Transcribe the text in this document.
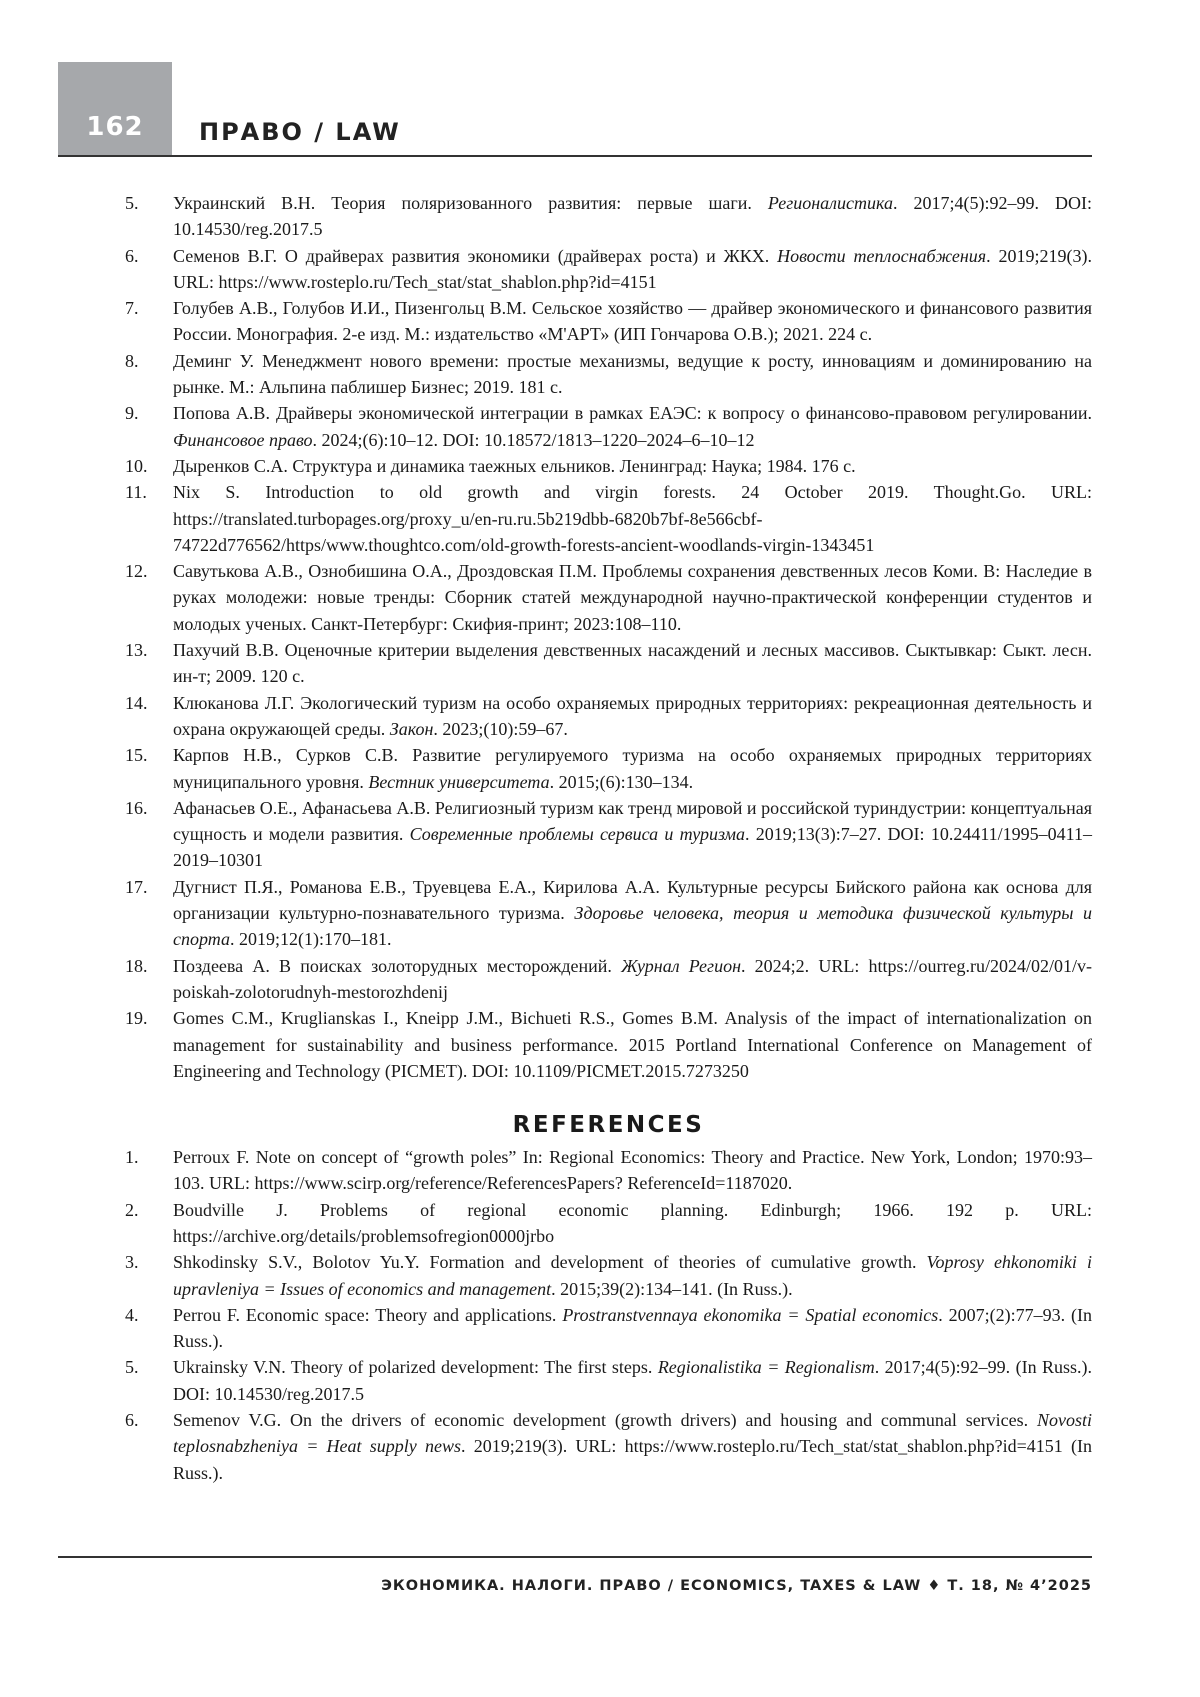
162	ПРАВО / LAW
5.	Украинский В.Н. Теория поляризованного развития: первые шаги. Регионалистика. 2017;4(5):92–99. DOI: 10.14530/reg.2017.5
6.	Семенов В.Г. О драйверах развития экономики (драйверах роста) и ЖКХ. Новости теплоснабжения. 2019;219(3). URL: https://www.rosteplo.ru/Tech_stat/stat_shablon.php?id=4151
7.	Голубев А.В., Голубов И.И., Пизенгольц В.М. Сельское хозяйство — драйвер экономического и финансового развития России. Монография. 2-е изд. М.: издательство «М'АРТ» (ИП Гончарова О.В.); 2021. 224 с.
8.	Деминг У. Менеджмент нового времени: простые механизмы, ведущие к росту, инновациям и доминированию на рынке. М.: Альпина паблишер Бизнес; 2019. 181 с.
9.	Попова А.В. Драйверы экономической интеграции в рамках ЕАЭС: к вопросу о финансово-правовом регулировании. Финансовое право. 2024;(6):10–12. DOI: 10.18572/1813–1220–2024–6–10–12
10.	Дыренков С.А. Структура и динамика таежных ельников. Ленинград: Наука; 1984. 176 с.
11.	Nix S. Introduction to old growth and virgin forests. 24 October 2019. Thought.Go. URL: https://translated.turbopages.org/proxy_u/en-ru.ru.5b219dbb-6820b7bf-8e566cbf-74722d776562/https/www.thoughtco.com/old-growth-forests-ancient-woodlands-virgin-1343451
12.	Савутькова А.В., Ознобишина О.А., Дроздовская П.М. Проблемы сохранения девственных лесов Коми. В: Наследие в руках молодежи: новые тренды: Сборник статей международной научно-практической конференции студентов и молодых ученых. Санкт-Петербург: Скифия-принт; 2023:108–110.
13.	Пахучий В.В. Оценочные критерии выделения девственных насаждений и лесных массивов. Сыктывкар: Сыкт. лесн. ин-т; 2009. 120 с.
14.	Клюканова Л.Г. Экологический туризм на особо охраняемых природных территориях: рекреационная деятельность и охрана окружающей среды. Закон. 2023;(10):59–67.
15.	Карпов Н.В., Сурков С.В. Развитие регулируемого туризма на особо охраняемых природных территориях муниципального уровня. Вестник университета. 2015;(6):130–134.
16.	Афанасьев О.Е., Афанасьева А.В. Религиозный туризм как тренд мировой и российской туриндустрии: концептуальная сущность и модели развития. Современные проблемы сервиса и туризма. 2019;13(3):7–27. DOI: 10.24411/1995–0411–2019–10301
17.	Дугнист П.Я., Романова Е.В., Труевцева Е.А., Кирилова А.А. Культурные ресурсы Бийского района как основа для организации культурно-познавательного туризма. Здоровье человека, теория и методика физической культуры и спорта. 2019;12(1):170–181.
18.	Поздеева А. В поисках золоторудных месторождений. Журнал Регион. 2024;2. URL: https://ourreg.ru/2024/02/01/v-poiskah-zolotorudnyh-mestorozhdenij
19.	Gomes C.M., Kruglianskas I., Kneipp J.M., Bichueti R.S., Gomes B.M. Analysis of the impact of internationalization on management for sustainability and business performance. 2015 Portland International Conference on Management of Engineering and Technology (PICMET). DOI: 10.1109/PICMET.2015.7273250
REFERENCES
1.	Perroux F. Note on concept of “growth poles” In: Regional Economics: Theory and Practice. New York, London; 1970:93–103. URL: https://www.scirp.org/reference/ReferencesPapers? ReferenceId=1187020.
2.	Boudville J. Problems of regional economic planning. Edinburgh; 1966. 192 p. URL: https://archive.org/details/problemsofregion0000jrbo
3.	Shkodinsky S.V., Bolotov Yu.Y. Formation and development of theories of cumulative growth. Voprosy ehkonomiki i upravleniya = Issues of economics and management. 2015;39(2):134–141. (In Russ.).
4.	Perrou F. Economic space: Theory and applications. Prostranstvennaya ekonomika = Spatial economics. 2007;(2):77–93. (In Russ.).
5.	Ukrainsky V.N. Theory of polarized development: The first steps. Regionalistika = Regionalism. 2017;4(5):92–99. (In Russ.). DOI: 10.14530/reg.2017.5
6.	Semenov V.G. On the drivers of economic development (growth drivers) and housing and communal services. Novosti teplosnabzheniya = Heat supply news. 2019;219(3). URL: https://www.rosteplo.ru/Tech_stat/stat_shablon.php?id=4151 (In Russ.).
ЭКОНОМИКА. НАЛОГИ. ПРАВО / ECONOMICS, TAXES & LAW ♦ Т. 18, № 4’2025
